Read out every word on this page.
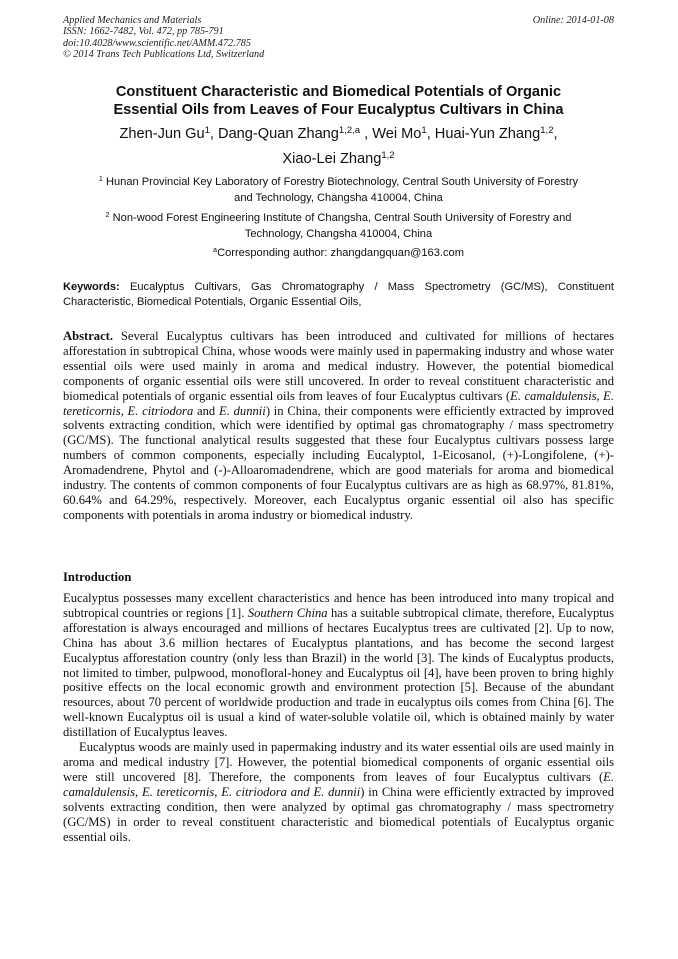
Applied Mechanics and Materials
ISSN: 1662-7482, Vol. 472, pp 785-791
doi:10.4028/www.scientific.net/AMM.472.785
© 2014 Trans Tech Publications Ltd, Switzerland
Online: 2014-01-08
Constituent Characteristic and Biomedical Potentials of Organic
Essential Oils from Leaves of Four Eucalyptus Cultivars in China
Zhen-Jun Gu$^1$, Dang-Quan Zhang$^{1,2,a}$ , Wei Mo$^1$, Huai-Yun Zhang$^{1,2}$,
Xiao-Lei Zhang$^{1,2}$
$^1$ Hunan Provincial Key Laboratory of Forestry Biotechnology, Central South University of Forestry
and Technology, Changsha 410004, China
$^2$ Non-wood Forest Engineering Institute of Changsha, Central South University of Forestry and
Technology, Changsha 410004, China
$^a$Corresponding author: zhangdangquan@163.com
Keywords: Eucalyptus Cultivars, Gas Chromatography / Mass Spectrometry (GC/MS), Constituent Characteristic, Biomedical Potentials, Organic Essential Oils,
Abstract. Several Eucalyptus cultivars has been introduced and cultivated for millions of hectares afforestation in subtropical China, whose woods were mainly used in papermaking industry and whose water essential oils were used mainly in aroma and medical industry. However, the potential biomedical components of organic essential oils were still uncovered. In order to reveal constituent characteristic and biomedical potentials of organic essential oils from leaves of four Eucalyptus cultivars (E. camaldulensis, E. tereticornis, E. citriodora and E. dunnii) in China, their components were efficiently extracted by improved solvents extracting condition, which were identified by optimal gas chromatography / mass spectrometry (GC/MS). The functional analytical results suggested that these four Eucalyptus cultivars possess large numbers of common components, especially including Eucalyptol, 1-Eicosanol, (+)-Longifolene, (+)-Aromadendrene, Phytol and (-)-Alloaromadendrene, which are good materials for aroma and biomedical industry. The contents of common components of four Eucalyptus cultivars are as high as 68.97%, 81.81%, 60.64% and 64.29%, respectively. Moreover, each Eucalyptus organic essential oil also has specific components with potentials in aroma industry or biomedical industry.
Introduction

Eucalyptus possesses many excellent characteristics and hence has been introduced into many tropical and subtropical countries or regions [1]. Southern China has a suitable subtropical climate, therefore, Eucalyptus afforestation is always encouraged and millions of hectares Eucalyptus trees are cultivated [2]. Up to now, China has about 3.6 million hectares of Eucalyptus plantations, and has become the second largest Eucalyptus afforestation country (only less than Brazil) in the world [3]. The kinds of Eucalyptus products, not limited to timber, pulpwood, monofloral-honey and Eucalyptus oil [4], have been proven to bring highly positive effects on the local economic growth and environment protection [5]. Because of the abundant resources, about 70 percent of worldwide production and trade in eucalyptus oils comes from China [6]. The well-known Eucalyptus oil is usual a kind of water-soluble volatile oil, which is obtained mainly by water distillation of Eucalyptus leaves.

Eucalyptus woods are mainly used in papermaking industry and its water essential oils are used mainly in aroma and medical industry [7]. However, the potential biomedical components of organic essential oils were still uncovered [8]. Therefore, the components from leaves of four Eucalyptus cultivars (E. camaldulensis, E. tereticornis, E. citriodora and E. dunnii) in China were efficiently extracted by improved solvents extracting condition, then were analyzed by optimal gas chromatography / mass spectrometry (GC/MS) in order to reveal constituent characteristic and biomedical potentials of Eucalyptus organic essential oils.
